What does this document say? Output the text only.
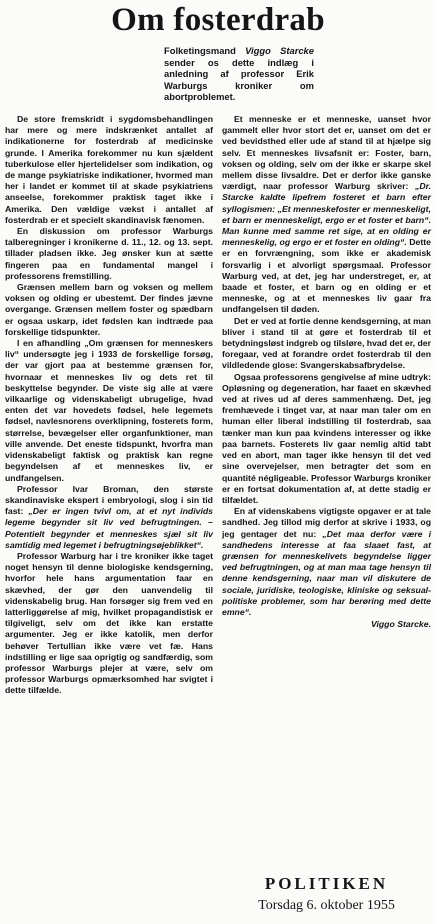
Om fosterdrab
Folketingsmand Viggo Starcke sender os dette indlæg i anledning af professor Erik Warburgs kroniker om abortproblemet.

De store fremskridt i sygdomsbehandlingen har mere og mere indskrænket antallet af indikationerne for fosterdrab af medicinske grunde. I Amerika forekommer nu kun sjældent tuberkulose eller hjertelidelser som indikation, og de mange psykiatriske indikationer, hvormed man her i landet er kommet til at skade psykiatriens anseelse, forekommer praktisk taget ikke i Amerika. Den vældige vækst i antallet af fosterdrab er et specielt skandinavisk fænomen.

En diskussion om professor Warburgs talberegninger i kronikerne d. 11., 12. og 13. sept. tillader pladsen ikke. Jeg ønsker kun at sætte fingeren paa en fundamental mangel i professorens fremstilling.

Grænsen mellem barn og voksen og mellem voksen og olding er ubestemt. Der findes jævne overgange. Grænsen mellem foster og spædbarn er ogsaa uskarp, idet fødslen kan indtræde paa forskellige tidspunkter.

I en afhandling „Om grænsen for menneskers liv“ undersøgte jeg i 1933 de forskellige forsøg, der var gjort paa at bestemme grænsen for, hvornaar et menneskes liv og dets ret til beskyttelse begynder. De viste sig alle at være vilkaarlige og videnskabeligt ubrugelige, hvad enten det var hovedets fødsel, hele legemets fødsel, navlesnorens overklipning, fosterets form, størrelse, bevægelser eller organfunktioner, man ville anvende. Det eneste tidspunkt, hvorfra man videnskabeligt faktisk og praktisk kan regne begyndelsen af et menneskes liv, er undfangelsen.

Professor Ivar Broman, den største skandinaviske ekspert i embryologi, slog i sin tid fast: „Der er ingen tvivl om, at et nyt individs legeme begynder sit liv ved befrugtningen. – Potentielt begynder et menneskes sjæl sit liv samtidig med legemet i befrugtningsøjeblikket“.

Professor Warburg har i tre kroniker ikke taget noget hensyn til denne biologiske kendsgerning, hvorfor hele hans argumentation faar en skævhed, der gør den uanvendelig til videnskabelig brug. Han forsøger sig frem ved en latterliggørelse af mig, hvilket propagandistisk er tilgiveligt, selv om det ikke kan erstatte argumenter. Jeg er ikke katolik, men derfor behøver Tertullian ikke være vet fæ. Hans indstilling er lige saa oprigtig og sandfærdig, som professor Warburgs plejer at være, selv om professor Warburgs opmærksomhed har svigtet i dette tilfælde.

Et menneske er et menneske, uanset hvor gammelt eller hvor stort det er, uanset om det er ved bevidsthed eller ude af stand til at hjælpe sig selv. Et menneskes livsafsnit er: Foster, barn, voksen og olding, selv om der ikke er skarpe skel mellem disse livsaldre. Det er derfor ikke ganske værdigt, naar professor Warburg skriver: „Dr. Starcke kaldte lipefrem fosteret et barn efter syllogismen: „Et menneskefoster er menneskeligt, et barn er menneskeligt, ergo er et foster et barn“. Man kunne med samme ret sige, at en olding er menneskelig, og ergo er et foster en olding“. Dette er en forvrængning, som ikke er akademisk forsvarlig i et alvorligt spørgsmaal. Professor Warburg ved, at det, jeg har understreget, er, at baade et foster, et barn og en olding er et menneske, og at et menneskes liv gaar fra undfangelsen til døden.

Det er ved at fortie denne kendsgerning, at man bliver i stand til at gøre et fosterdrab til et betydningsløst indgreb og tilsløre, hvad det er, der foregaar, ved at forandre ordet fosterdrab til den vildledende glose: Svangerskabsafbrydelse.

Ogsaa professorens gengivelse af mine udtryk: Opløsning og degeneration, har faaet en skævhed ved at rives ud af deres sammenhæng. Det, jeg fremhævede i tinget var, at naar man taler om en human eller liberal indstilling til fosterdrab, saa tænker man kun paa kvindens interesser og ikke paa barnets. Fosterets liv gaar nemlig altid tabt ved en abort, man tager ikke hensyn til det ved sine overvejelser, men betragter det som en quantité négligeable. Professor Warburgs kroniker er en fortsat dokumentation af, at dette stadig er tilfældet.

En af videnskabens vigtigste opgaver er at tale sandhed. Jeg tillod mig derfor at skrive i 1933, og jeg gentager det nu: „Det maa derfor være i sandhedens interesse at faa slaaet fast, at grænsen for menneskelivets begyndelse ligger ved befrugtningen, og at man maa tage hensyn til denne kendsgerning, naar man vil diskutere de sociale, juridiske, teologiske, kliniske og seksual-politiske problemer, som har berøring med dette emne“.

Viggo Starcke.
POLITIKEN
Torsdag 6. oktober 1955
